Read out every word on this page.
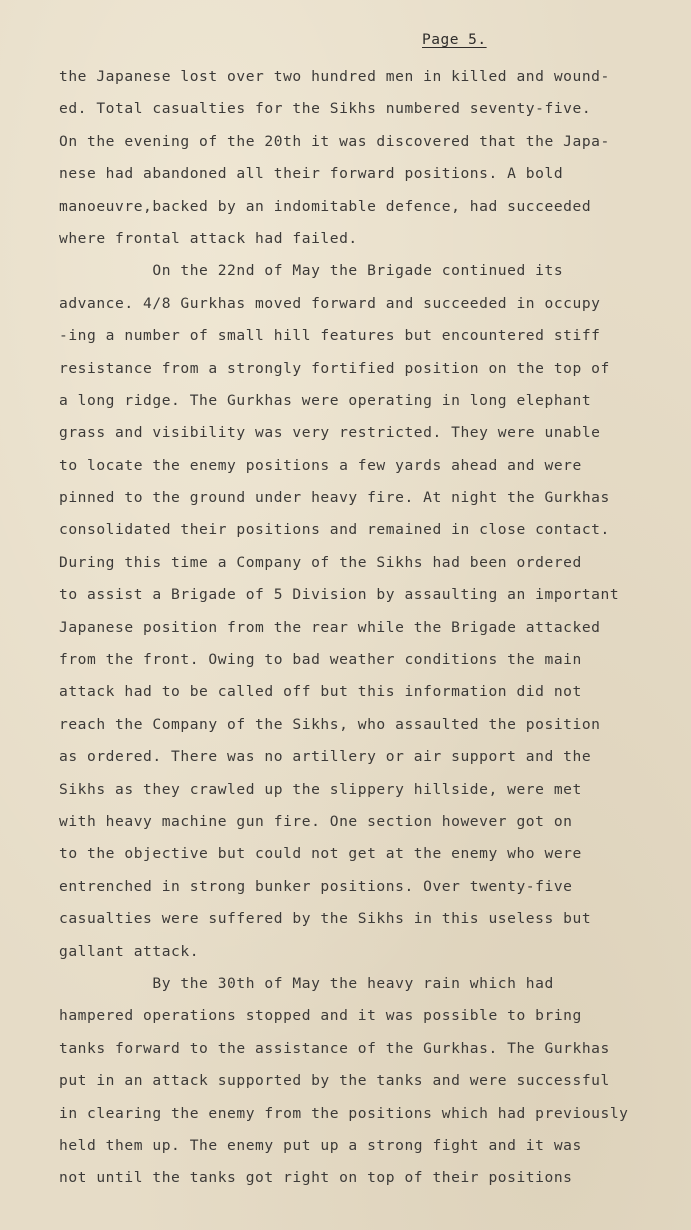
Page 5.
the Japanese lost over two hundred men in killed and wound-
ed. Total casualties for the Sikhs numbered seventy-five.
On the evening of the 20th it was discovered that the Japa-
nese had abandoned all their forward positions. A bold
manoeuvre,backed by an indomitable defence, had succeeded
where frontal attack had failed.
On the 22nd of May the Brigade continued its
advance. 4/8 Gurkhas moved forward and succeeded in occupy
-ing a number of small hill features but encountered stiff
resistance from a strongly fortified position on the top of
a long ridge. The Gurkhas were operating in long elephant
grass and visibility was very restricted. They were unable
to locate the enemy positions a few yards ahead and were
pinned to the ground under heavy fire. At night the Gurkhas
consolidated their positions and remained in close contact.
During this time a Company of the Sikhs had been ordered
to assist a Brigade of 5 Division by assaulting an important
Japanese position from the rear while the Brigade attacked
from the front. Owing to bad weather conditions the main
attack had to be called off but this information did not
reach the Company of the Sikhs, who assaulted the position
as ordered. There was no artillery or air support and the
Sikhs as they crawled up the slippery hillside, were met
with heavy machine gun fire. One section however got on
to the objective but could not get at the enemy who were
entrenched in strong bunker positions. Over twenty-five
casualties were suffered by the Sikhs in this useless but
gallant attack.
By the 30th of May the heavy rain which had
hampered operations stopped and it was possible to bring
tanks forward to the assistance of the Gurkhas. The Gurkhas
put in an attack supported by the tanks and were successful
in clearing the enemy from the positions which had previously
held them up. The enemy put up a strong fight and it was
not until the tanks got right on top of their positions
